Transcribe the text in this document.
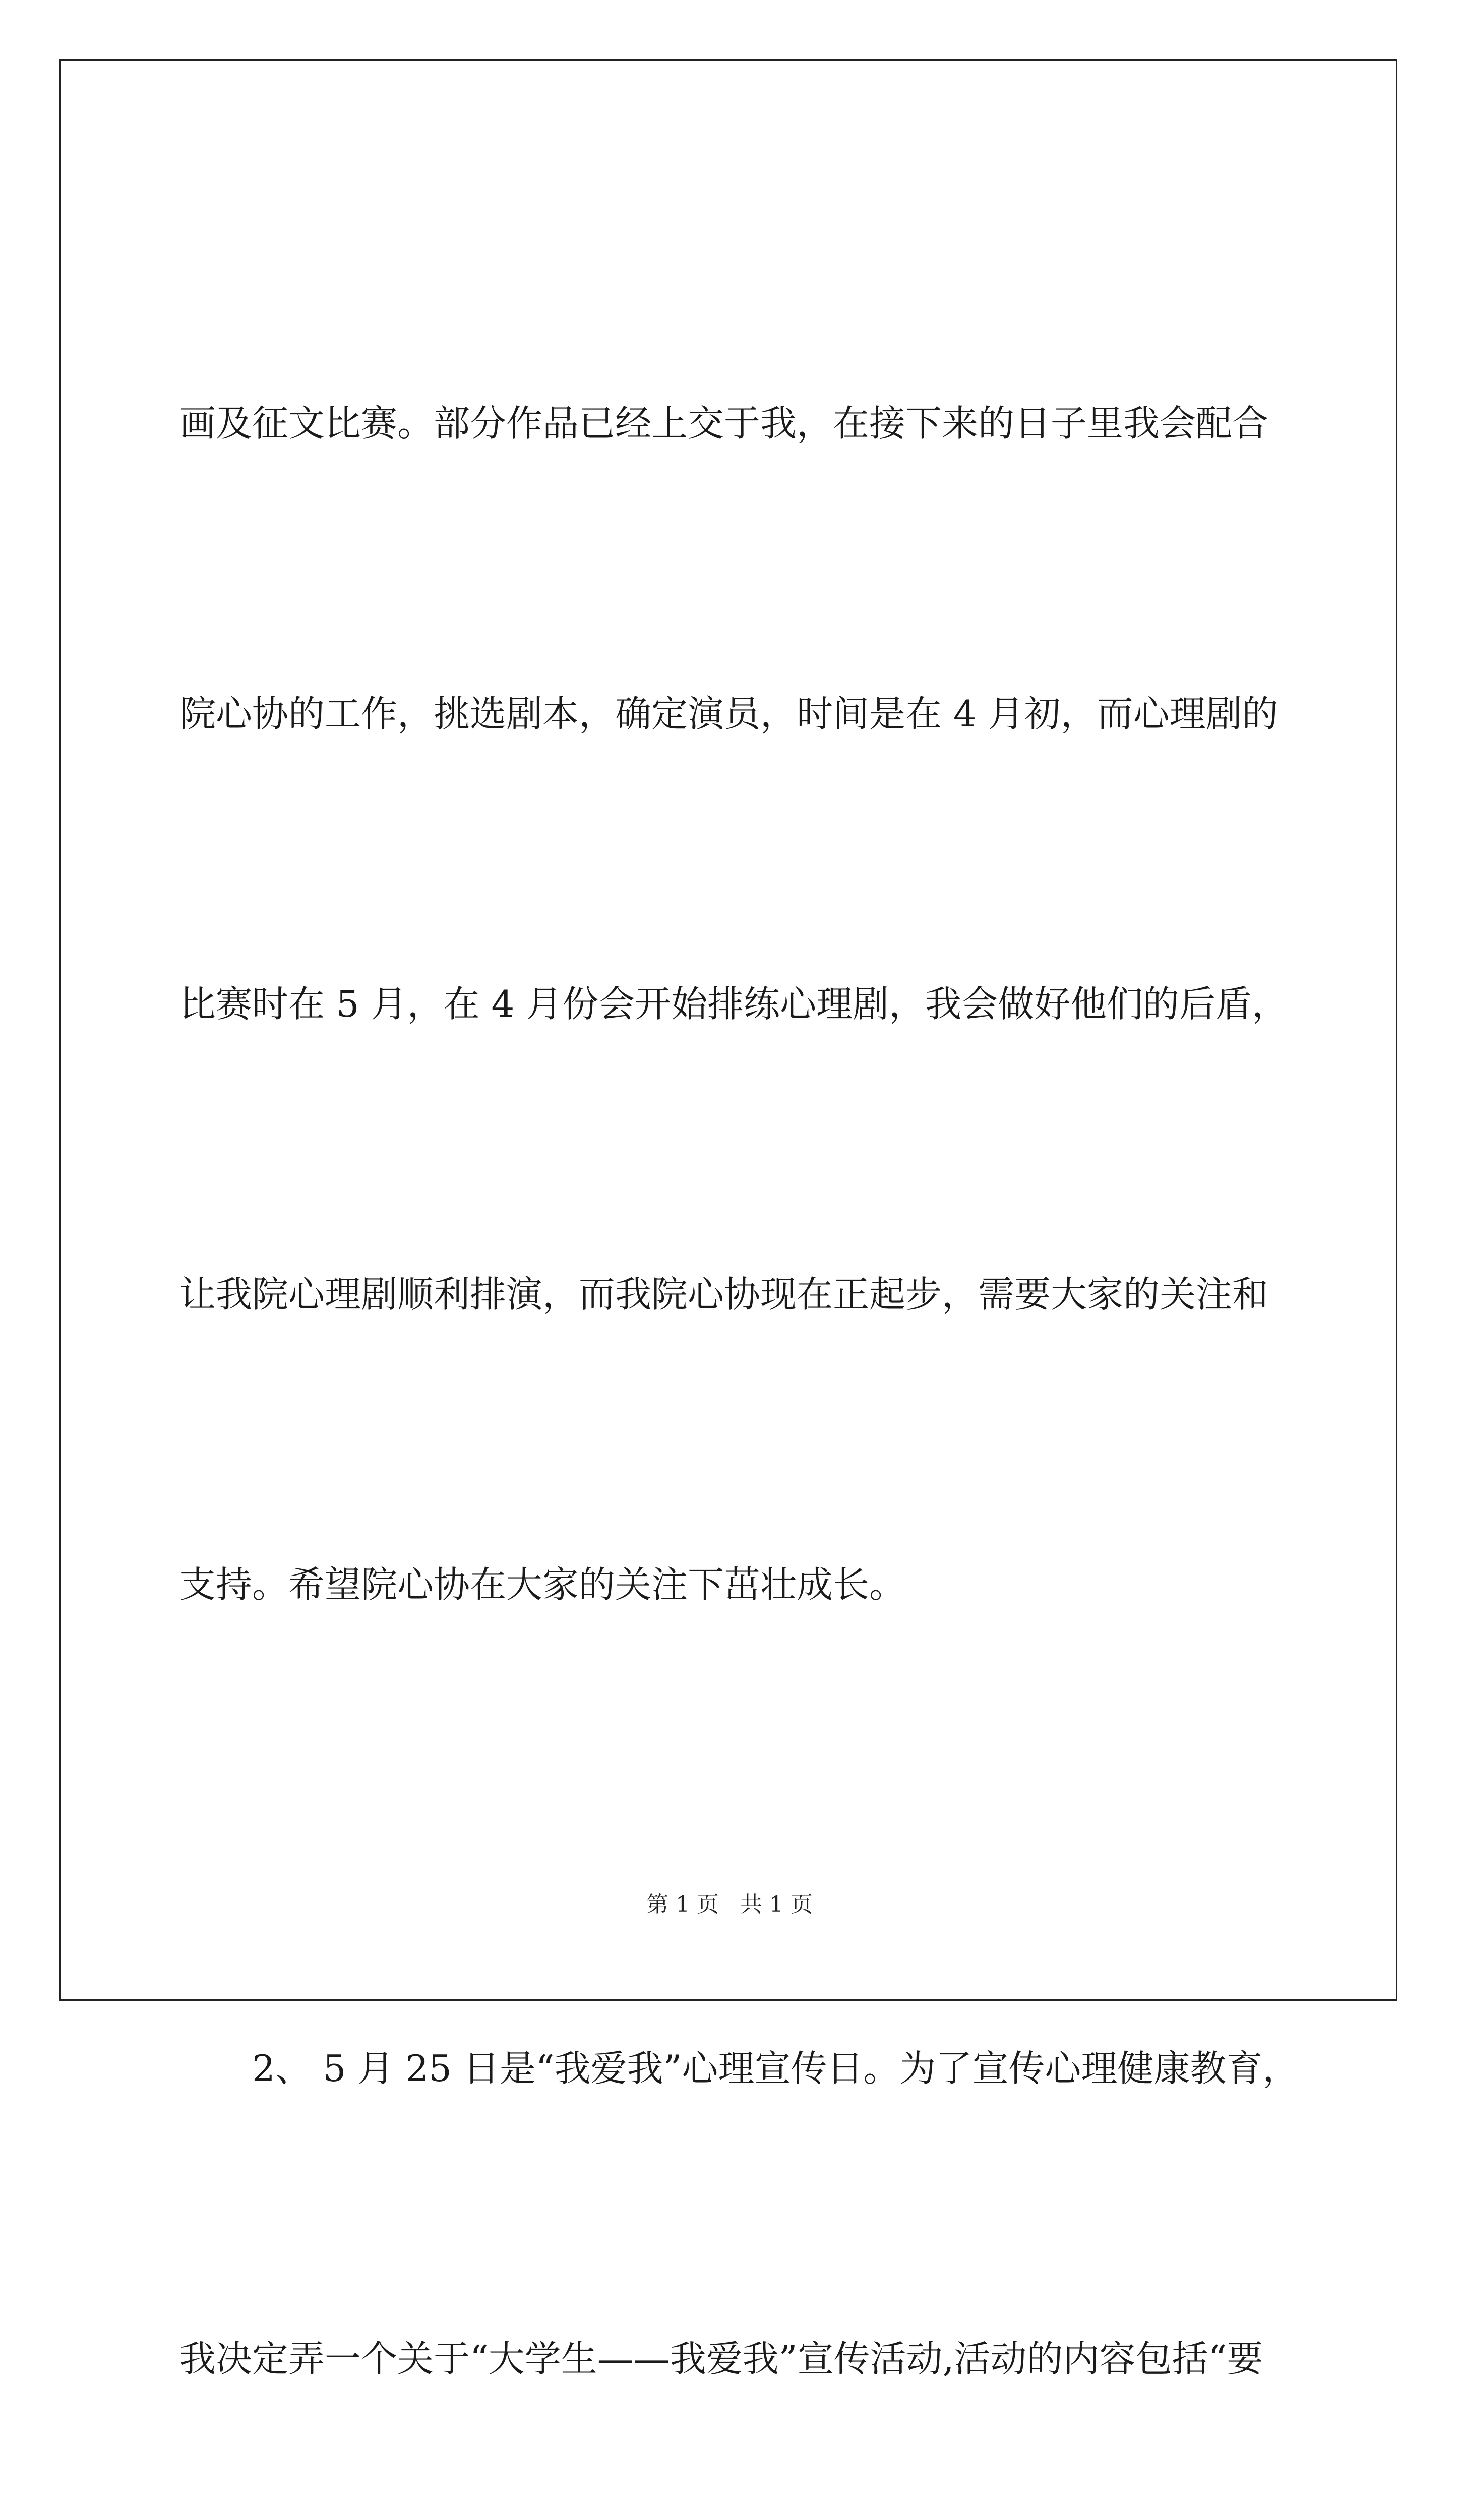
画及征文比赛。部分作品已经上交于我，在接下来的日子里我会配合

院心协的工作，挑选剧本，确定演员，时间是在 4 月初，而心理剧的

比赛时在 5 月，在 4 月份会开始排练心理剧，我会做好他们的后盾，

让我院心理剧顺利排演，而我院心协现在正起步，需要大家的关注和

支持。希望院心协在大家的关注下茁壮成长。

　　2、 5 月 25 日是“我爱我”心理宣传日。为了宣传心理健康教育，

我决定弄一个关于“大学生——我爱我”宣传活动,活动的内容包括“要

第 1 页   共 1 页
